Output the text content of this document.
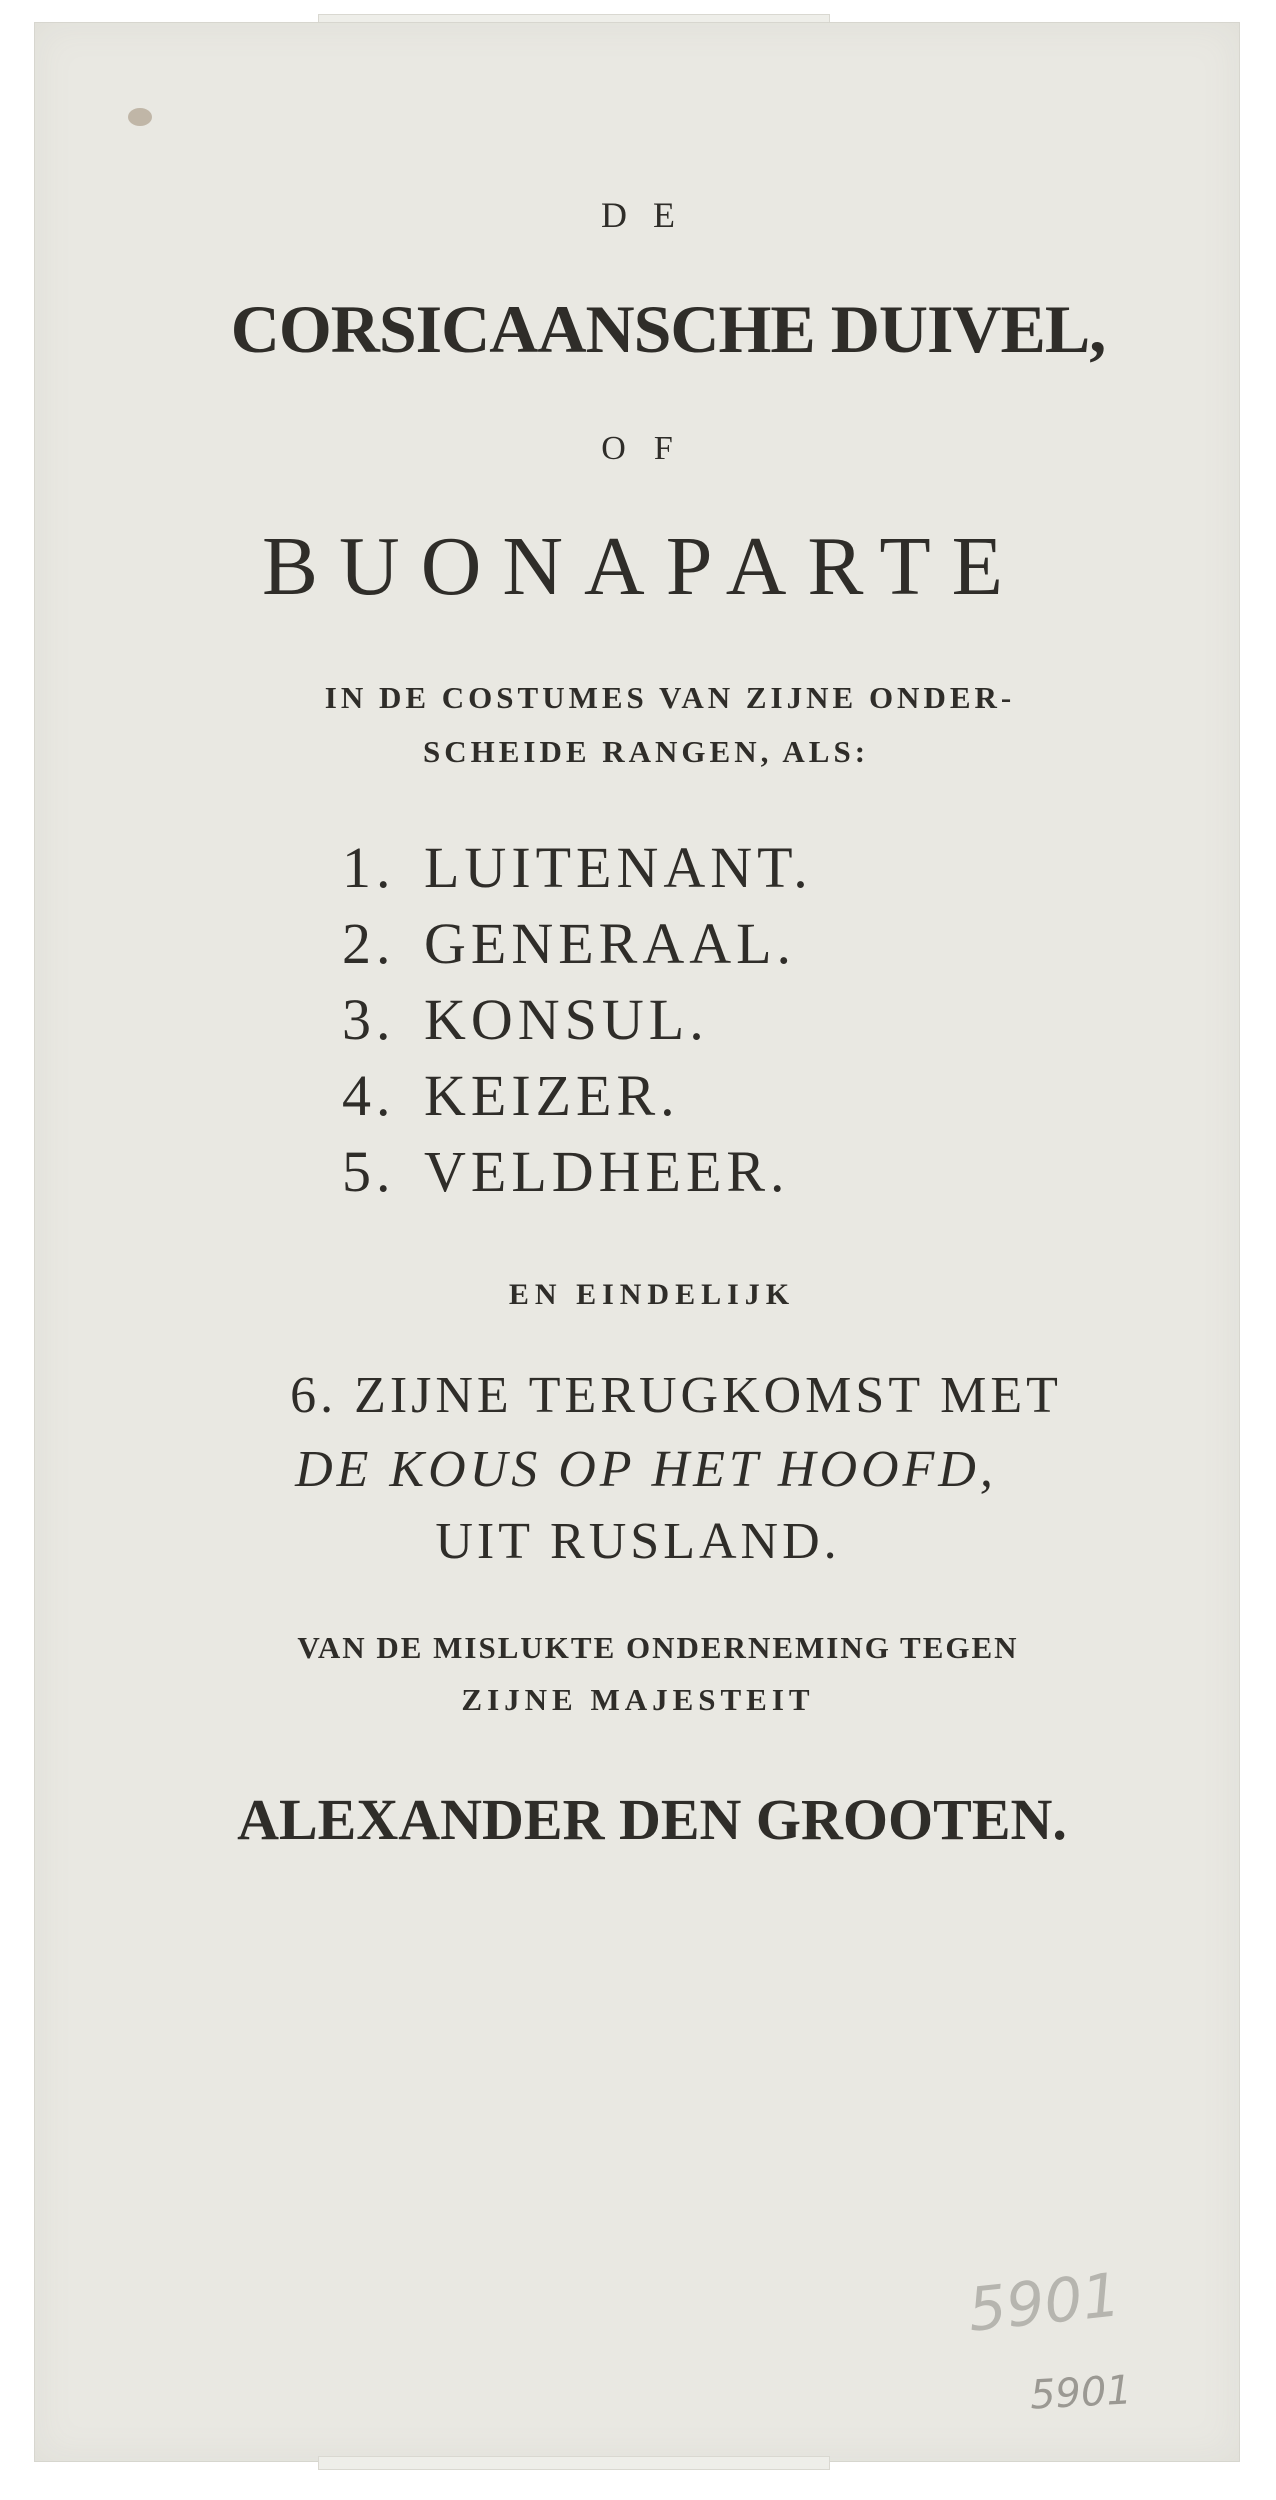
DE
CORSICAANSCHE DUIVEL,
OF
BUONAPARTE
IN DE COSTUMES VAN ZIJNE ONDER-
SCHEIDE RANGEN, ALS:
1. LUITENANT.
2. GENERAAL.
3. KONSUL.
4. KEIZER.
5. VELDHEER.
EN EINDELIJK
6. ZIJNE TERUGKOMST MET
DE KOUS OP HET HOOFD,
UIT RUSLAND.
VAN DE MISLUKTE ONDERNEMING TEGEN
ZIJNE MAJESTEIT
ALEXANDER DEN GROOTEN.
5901
5901
